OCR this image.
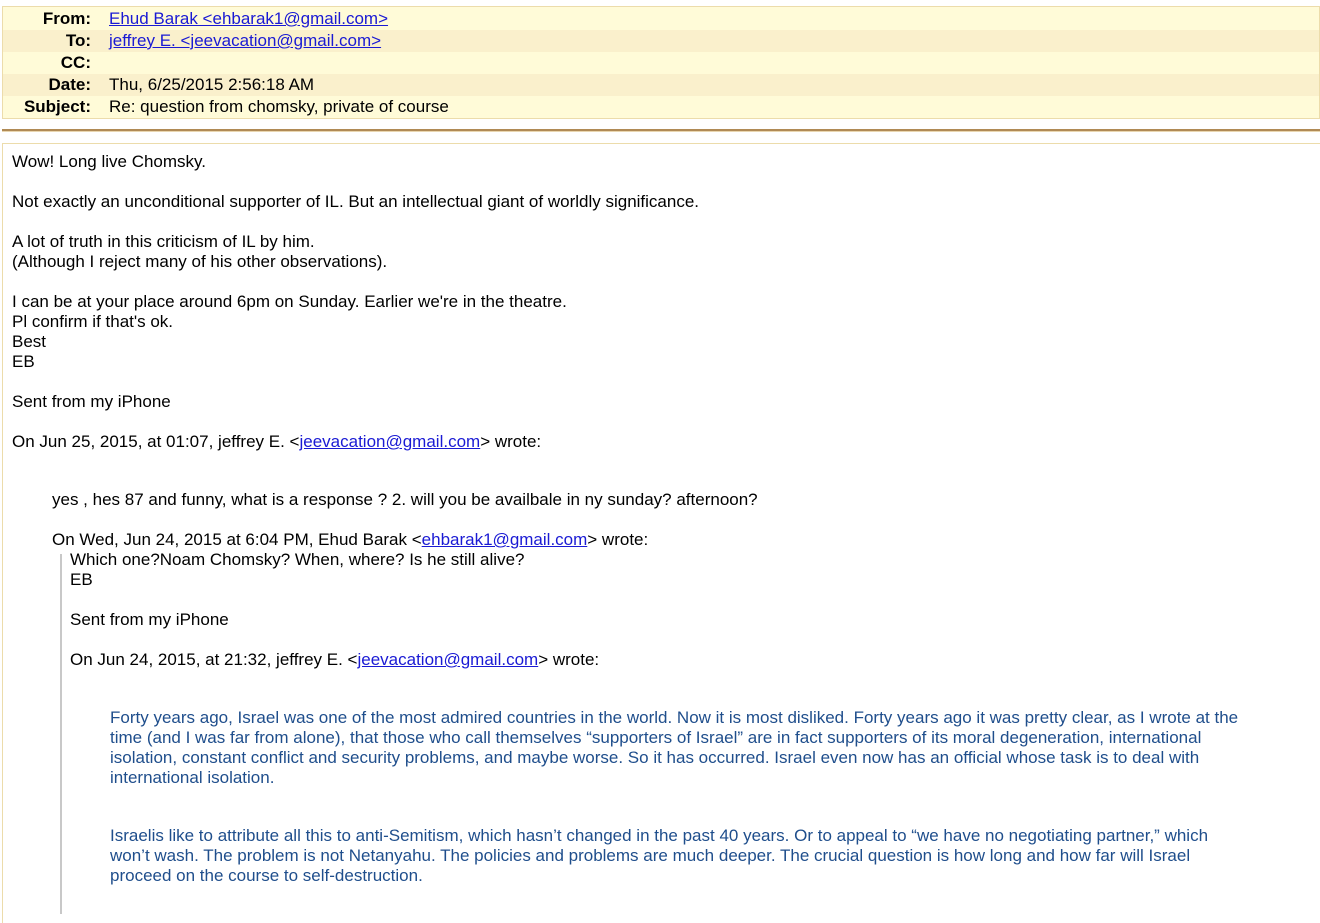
From: Ehud Barak <ehbarak1@gmail.com>
To: jeffrey E. <jeevacation@gmail.com>
CC:
Date: Thu, 6/25/2015 2:56:18 AM
Subject: Re: question from chomsky, private of course
Wow! Long live Chomsky.
Not exactly an unconditional supporter of IL. But an intellectual giant of worldly significance.
A lot of truth in this criticism of IL by him.
(Although I reject many of his other observations).
I can be at your place around 6pm on Sunday. Earlier we're in the theatre.
Pl confirm if that's ok.
Best
EB
Sent from my iPhone
On Jun 25, 2015, at 01:07, jeffrey E. <jeevacation@gmail.com> wrote:
yes , hes 87 and funny, what is a response ? 2. will you be availbale in ny sunday? afternoon?
On Wed, Jun 24, 2015 at 6:04 PM, Ehud Barak <ehbarak1@gmail.com> wrote:
Which one?Noam Chomsky? When, where? Is he still alive?
EB
Sent from my iPhone
On Jun 24, 2015, at 21:32, jeffrey E. <jeevacation@gmail.com> wrote:
Forty years ago, Israel was one of the most admired countries in the world. Now it is most disliked. Forty years ago it was pretty clear, as I wrote at the time (and I was far from alone), that those who call themselves “supporters of Israel” are in fact supporters of its moral degeneration, international isolation, constant conflict and security problems, and maybe worse. So it has occurred. Israel even now has an official whose task is to deal with international isolation.
Israelis like to attribute all this to anti-Semitism, which hasn’t changed in the past 40 years. Or to appeal to “we have no negotiating partner,” which won’t wash. The problem is not Netanyahu. The policies and problems are much deeper. The crucial question is how long and how far will Israel proceed on the course to self-destruction.
